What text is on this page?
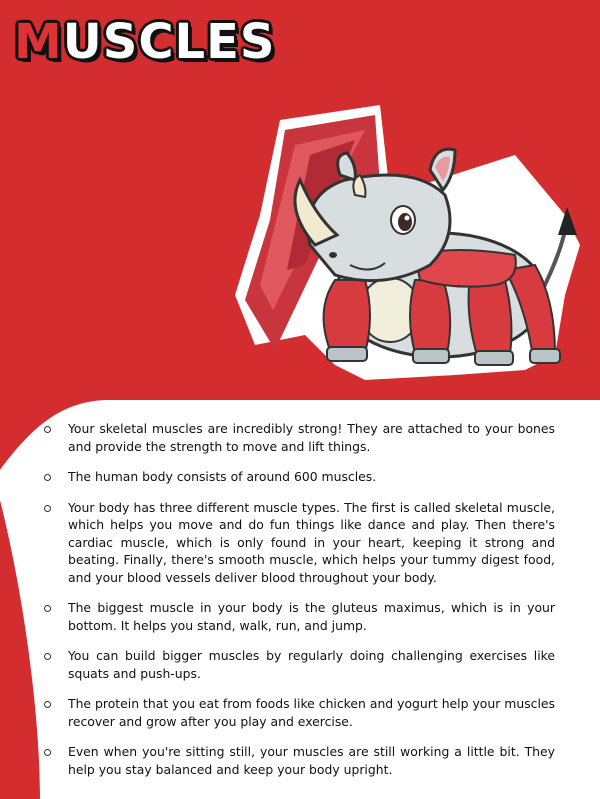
MUSCLES
Your skeletal muscles are incredibly strong! They are attached to your bones and provide the strength to move and lift things.
The human body consists of around 600 muscles.
Your body has three different muscle types. The first is called skeletal muscle, which helps you move and do fun things like dance and play. Then there's cardiac muscle, which is only found in your heart, keeping it strong and beating. Finally, there's smooth muscle, which helps your tummy digest food, and your blood vessels deliver blood throughout your body.
The biggest muscle in your body is the gluteus maximus, which is in your bottom. It helps you stand, walk, run, and jump.
You can build bigger muscles by regularly doing challenging exercises like squats and push-ups.
The protein that you eat from foods like chicken and yogurt help your muscles recover and grow after you play and exercise.
Even when you're sitting still, your muscles are still working a little bit. They help you stay balanced and keep your body upright.
